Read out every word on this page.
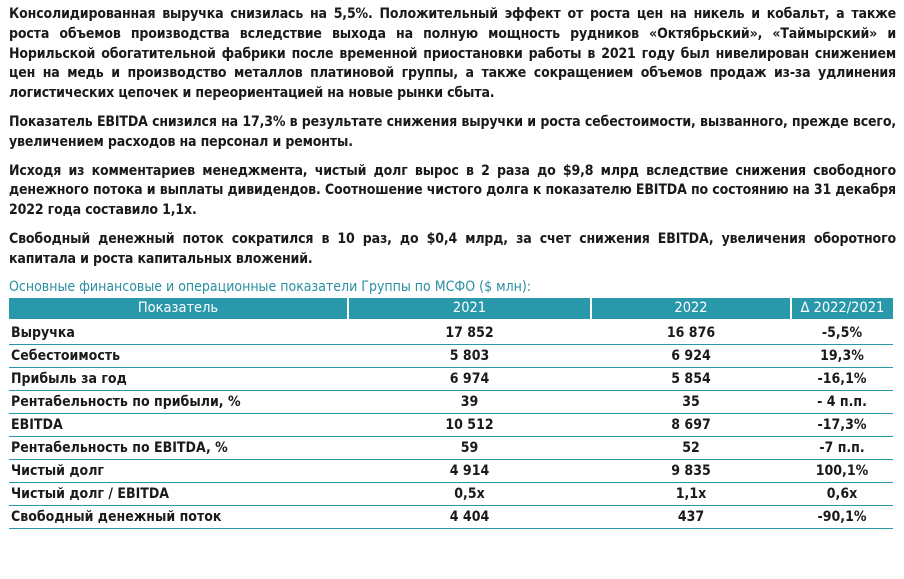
Консолидированная выручка снизилась на 5,5%. Положительный эффект от роста цен на никель и кобальт, а также роста объемов производства вследствие выхода на полную мощность рудников «Октябрьский», «Таймырский» и Норильской обогатительной фабрики после временной приостановки работы в 2021 году был нивелирован снижением цен на медь и производство металлов платиновой группы, а также сокращением объемов продаж из-за удлинения логистических цепочек и переориентацией на новые рынки сбыта.

Показатель EBITDA снизился на 17,3% в результате снижения выручки и роста себестоимости, вызванного, прежде всего, увеличением расходов на персонал и ремонты.

Исходя из комментариев менеджмента, чистый долг вырос в 2 раза до $9,8 млрд вследствие снижения свободного денежного потока и выплаты дивидендов. Соотношение чистого долга к показателю EBITDA по состоянию на 31 декабря 2022 года составило 1,1х.

Свободный денежный поток сократился в 10 раз, до $0,4 млрд, за счет снижения EBITDA, увеличения оборотного капитала и роста капитальных вложений.

Основные финансовые и операционные показатели Группы по МСФО ($ млн):
Показатель	2021	2022	∆ 2022/2021
Выручка	17 852	16 876	-5,5%
Себестоимость	5 803	6 924	19,3%
Прибыль за год	6 974	5 854	-16,1%
Рентабельность по прибыли, %	39	35	- 4 п.п.
EBITDA	10 512	8 697	-17,3%
Рентабельность по EBITDA, %	59	52	-7 п.п.
Чистый долг	4 914	9 835	100,1%
Чистый долг / EBITDA	0,5x	1,1x	0,6x
Свободный денежный поток	4 404	437	-90,1%
